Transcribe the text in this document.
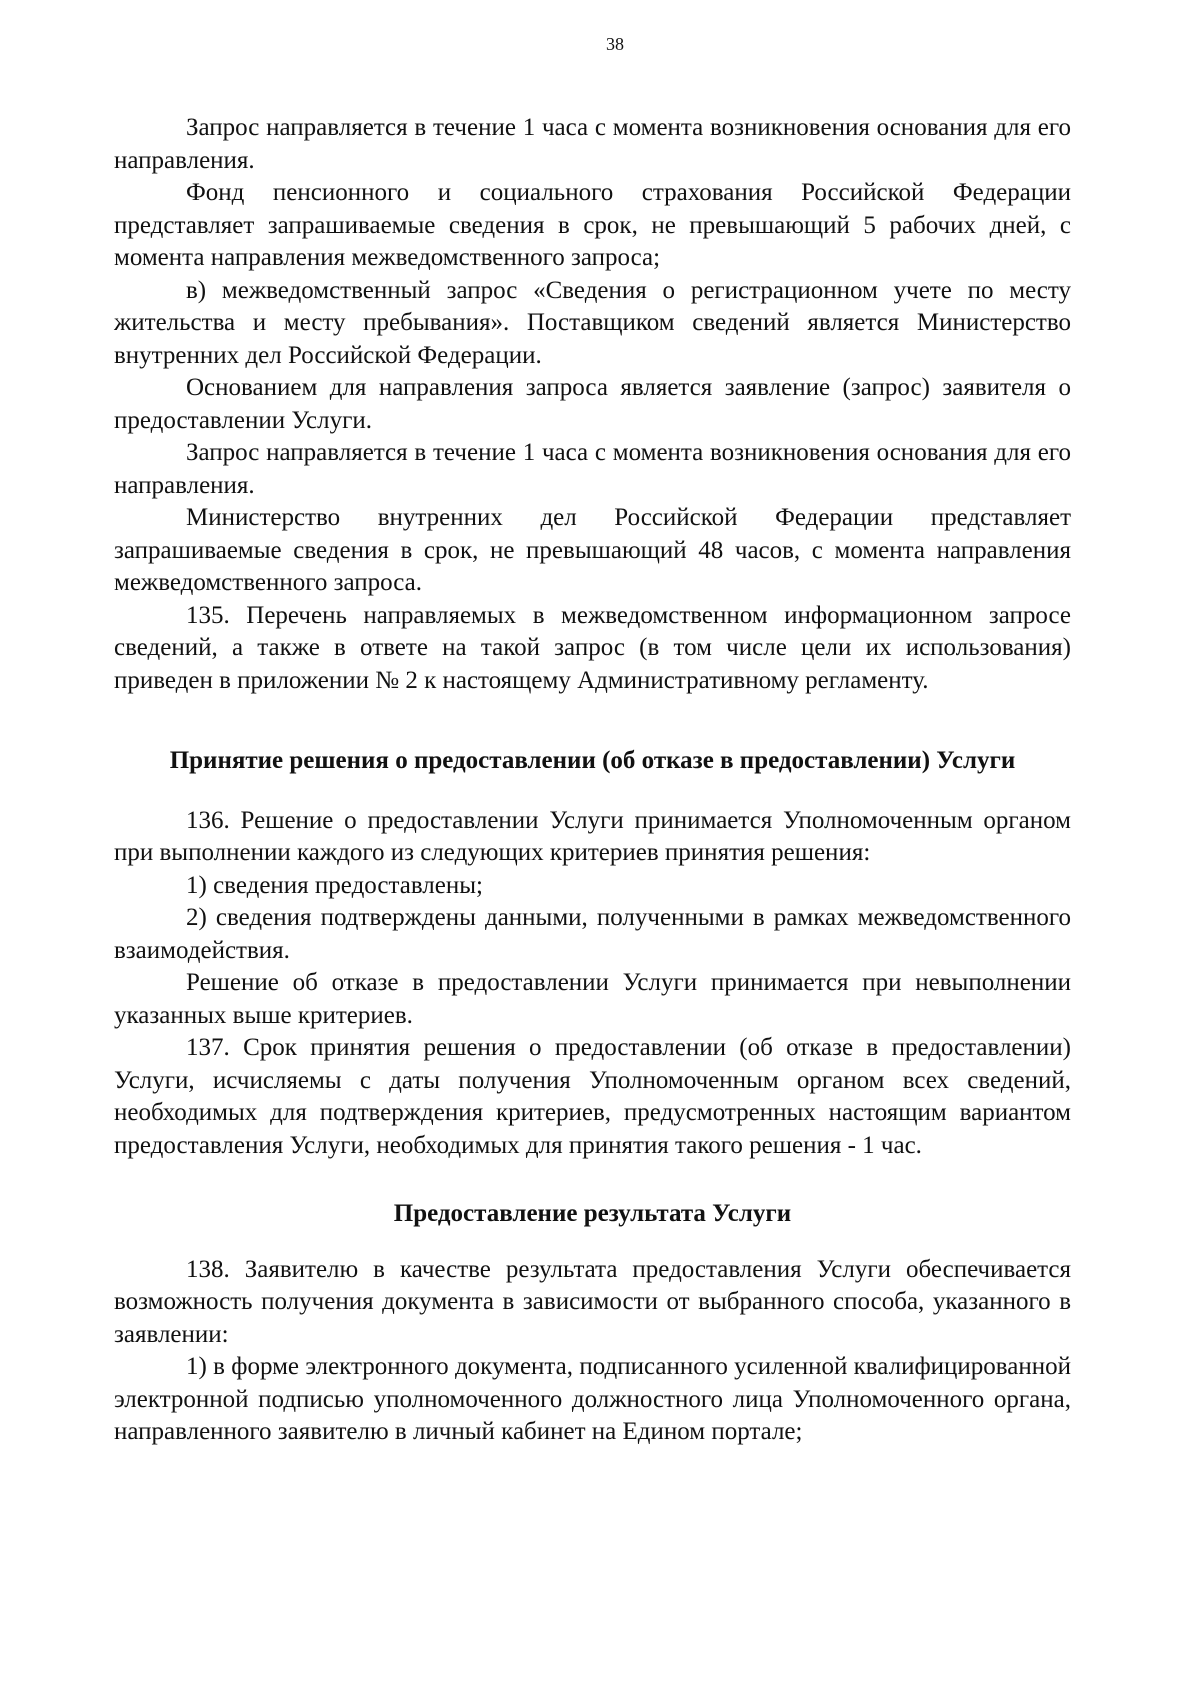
38

Запрос направляется в течение 1 часа с момента возникновения основания для его направления.

Фонд пенсионного и социального страхования Российской Федерации представляет запрашиваемые сведения в срок, не превышающий 5 рабочих дней, с момента направления межведомственного запроса;

в) межведомственный запрос «Сведения о регистрационном учете по месту жительства и месту пребывания». Поставщиком сведений является Министерство внутренних дел Российской Федерации.

Основанием для направления запроса является заявление (запрос) заявителя о предоставлении Услуги.

Запрос направляется в течение 1 часа с момента возникновения основания для его направления.

Министерство внутренних дел Российской Федерации представляет запрашиваемые сведения в срок, не превышающий 48 часов, с момента направления межведомственного запроса.

135. Перечень направляемых в межведомственном информационном запросе сведений, а также в ответе на такой запрос (в том числе цели их использования) приведен в приложении № 2 к настоящему Административному регламенту.

Принятие решения о предоставлении (об отказе в предоставлении) Услуги

136. Решение о предоставлении Услуги принимается Уполномоченным органом при выполнении каждого из следующих критериев принятия решения:

1) сведения предоставлены;

2) сведения подтверждены данными, полученными в рамках межведомственного взаимодействия.

Решение об отказе в предоставлении Услуги принимается при невыполнении указанных выше критериев.

137. Срок принятия решения о предоставлении (об отказе в предоставлении) Услуги, исчисляемы с даты получения Уполномоченным органом всех сведений, необходимых для подтверждения критериев, предусмотренных настоящим вариантом предоставления Услуги, необходимых для принятия такого решения - 1 час.

Предоставление результата Услуги

138. Заявителю в качестве результата предоставления Услуги обеспечивается возможность получения документа в зависимости от выбранного способа, указанного в заявлении:

1) в форме электронного документа, подписанного усиленной квалифицированной электронной подписью уполномоченного должностного лица Уполномоченного органа, направленного заявителю в личный кабинет на Едином портале;
